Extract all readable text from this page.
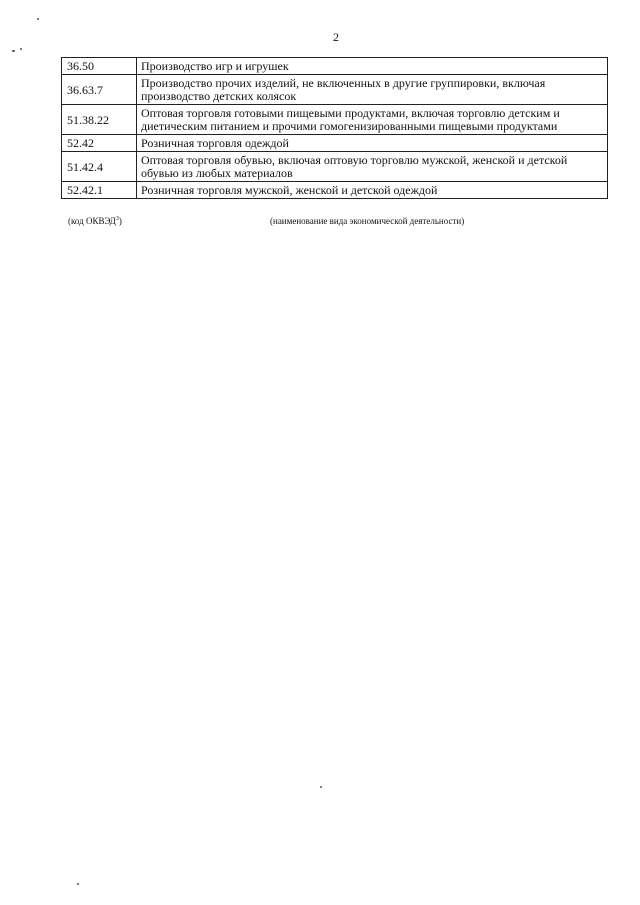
2
36.50	Производство игр и игрушек
36.63.7	Производство прочих изделий, не включенных в другие группировки, включая производство детских колясок
51.38.22	Оптовая торговля готовыми пищевыми продуктами, включая торговлю детским и диетическим питанием и прочими гомогенизированными пищевыми продуктами
52.42	Розничная торговля одеждой
51.42.4	Оптовая торговля обувью, включая оптовую торговлю мужской, женской и детской обувью из любых материалов
52.42.1	Розничная торговля мужской, женской и детской одеждой
(код ОКВЭД$^3$)	(наименование вида экономической деятельности)
